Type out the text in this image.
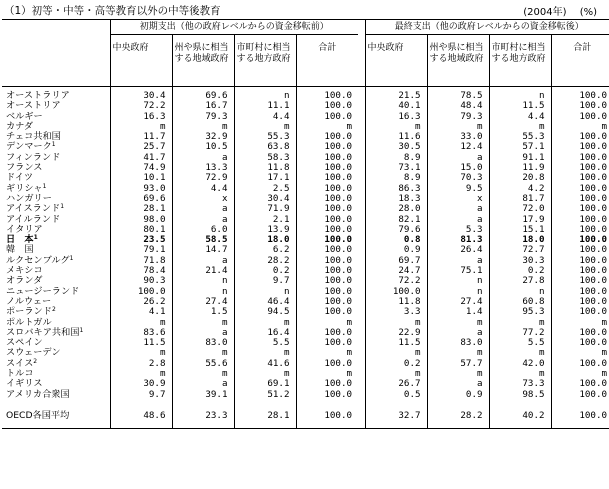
（1）初等・中等・高等教育以外の中等後教育	(2004年) (%)
	初期支出（他の政府レベルからの資金移転前）					最終支出（他の政府レベルからの資金移転後）			
	中央政府	州や県に相当する地域政府	市町村に相当する地方政府	合計		中央政府	州や県に相当する地域政府	市町村に相当する地方政府	合計

オーストラリア	30.4	69.6	n	100.0		21.5	78.5	n	100.0
オーストリア	72.2	16.7	11.1	100.0		40.1	48.4	11.5	100.0
ベルギー	16.3	79.3	4.4	100.0		16.3	79.3	4.4	100.0
カナダ	m	m	m	m		m	m	m	m
チェコ共和国	11.7	32.9	55.3	100.0		11.6	33.0	55.3	100.0
デンマーク$^1$	25.7	10.5	63.8	100.0		30.5	12.4	57.1	100.0
フィンランド	41.7	a	58.3	100.0		8.9	a	91.1	100.0
フランス	74.9	13.3	11.8	100.0		73.1	15.0	11.9	100.0
ドイツ	10.1	72.9	17.1	100.0		8.9	70.3	20.8	100.0
ギリシャ$^1$	93.0	4.4	2.5	100.0		86.3	9.5	4.2	100.0
ハンガリー	69.6	x	30.4	100.0		18.3	x	81.7	100.0
アイスランド$^1$	28.1	a	71.9	100.0		28.0	a	72.0	100.0
アイルランド	98.0	a	2.1	100.0		82.1	a	17.9	100.0
イタリア	80.1	6.0	13.9	100.0		79.6	5.3	15.1	100.0
日　本$^1$	23.5	58.5	18.0	100.0		0.8	81.3	18.0	100.0
韓　国	79.1	14.7	6.2	100.0		0.9	26.4	72.7	100.0
ルクセンブルグ$^1$	71.8	a	28.2	100.0		69.7	a	30.3	100.0
メキシコ	78.4	21.4	0.2	100.0		24.7	75.1	0.2	100.0
オランダ	90.3	n	9.7	100.0		72.2	n	27.8	100.0
ニュージーランド	100.0	n	n	100.0		100.0	n	n	100.0
ノルウェー	26.2	27.4	46.4	100.0		11.8	27.4	60.8	100.0
ポーランド$^2$	4.1	1.5	94.5	100.0		3.3	1.4	95.3	100.0
ポルトガル	m	m	m	m		m	m	m	m
スロバキア共和国$^1$	83.6	a	16.4	100.0		22.9	a	77.2	100.0
スペイン	11.5	83.0	5.5	100.0		11.5	83.0	5.5	100.0
スウェーデン	m	m	m	m		m	m	m	m
スイス$^2$	2.8	55.6	41.6	100.0		0.2	57.7	42.0	100.0
トルコ	m	m	m	m		m	m	m	m
イギリス	30.9	a	69.1	100.0		26.7	a	73.3	100.0
アメリカ合衆国	9.7	39.1	51.2	100.0		0.5	0.9	98.5	100.0

OECD各国平均	48.6	23.3	28.1	100.0		32.7	28.2	40.2	100.0
